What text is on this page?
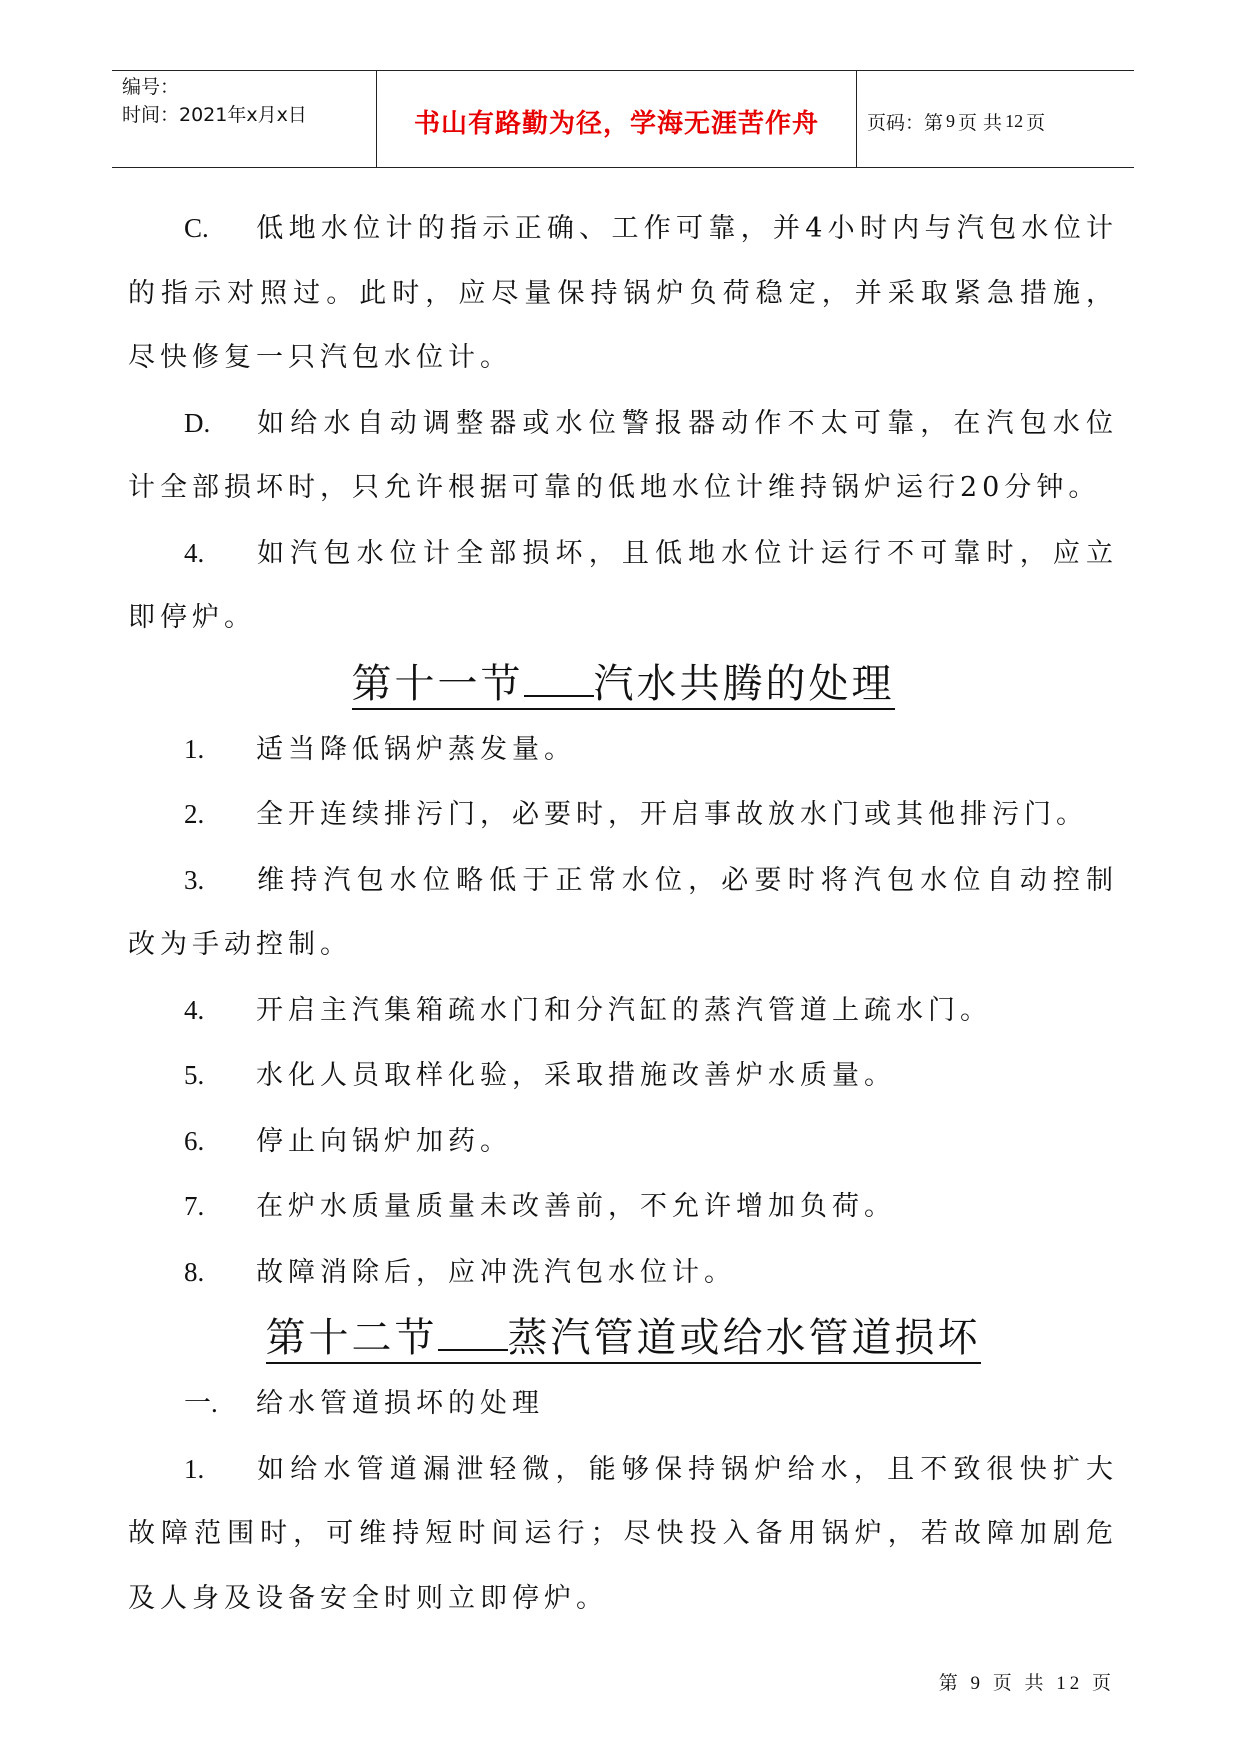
编号：
时间：2021年x月x日	书山有路勤为径，学海无涯苦作舟	页码：第 9 页 共 12 页

C. 低地水位计的指示正确、工作可靠，并4小时内与汽包水位计的指示对照过。此时，应尽量保持锅炉负荷稳定，并采取紧急措施，尽快修复一只汽包水位计。

D. 如给水自动调整器或水位警报器动作不太可靠，在汽包水位计全部损坏时，只允许根据可靠的低地水位计维持锅炉运行20分钟。

4. 如汽包水位计全部损坏，且低地水位计运行不可靠时，应立即停炉。

第十一节 汽水共腾的处理

1. 适当降低锅炉蒸发量。

2. 全开连续排污门，必要时，开启事故放水门或其他排污门。

3. 维持汽包水位略低于正常水位，必要时将汽包水位自动控制改为手动控制。

4. 开启主汽集箱疏水门和分汽缸的蒸汽管道上疏水门。

5. 水化人员取样化验，采取措施改善炉水质量。

6. 停止向锅炉加药。

7. 在炉水质量质量未改善前，不允许增加负荷。

8. 故障消除后，应冲洗汽包水位计。

第十二节 蒸汽管道或给水管道损坏

一. 给水管道损坏的处理

1. 如给水管道漏泄轻微，能够保持锅炉给水，且不致很快扩大故障范围时，可维持短时间运行；尽快投入备用锅炉，若故障加剧危及人身及设备安全时则立即停炉。

第 9 页 共 12 页
